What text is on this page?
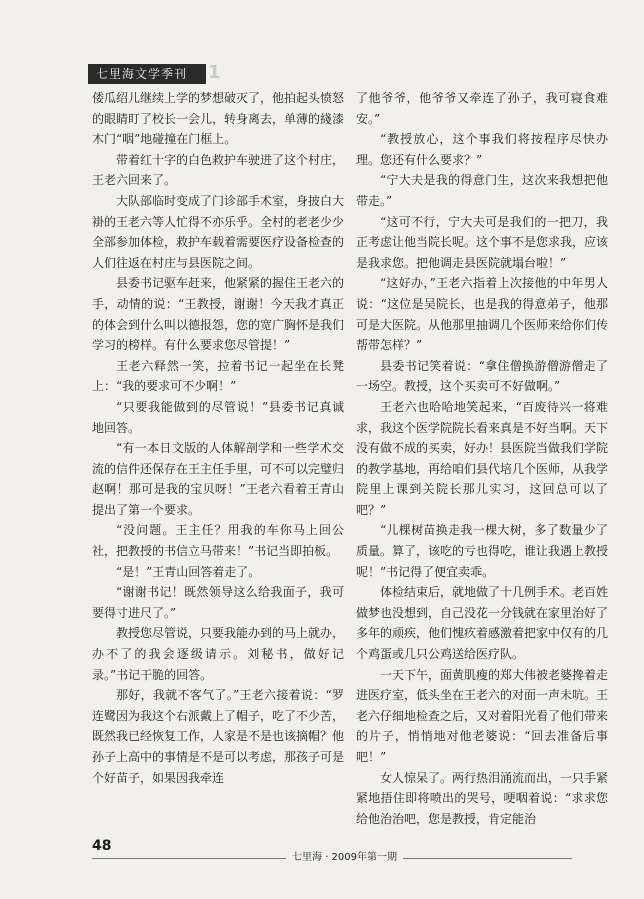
七里海文学季刊	1

倭瓜绍儿继续上学的梦想破灭了，他拍起头愤怒的眼睛盯了校长一会儿，转身离去，单薄的綫漆木门“咽”地碰撞在门框上。

带着红十字的白色救护车驶进了这个村庄，王老六回来了。

大队部临时变成了门诊部手术室，身披白大褂的王老六等人忙得不亦乐乎。全村的老老少少全部参加体检，救护车载着需要医疗设备检查的人们往返在村庄与县医院之间。

县委书记驱车赶来，他紧紧的握住王老六的手，动情的说：“王教授，谢谢！今天我才真正的体会到什么叫以德报怨，您的宽广胸怀是我们学习的榜样。有什么要求您尽管提！”

王老六释然一笑，拉着书记一起坐在长凳上：“我的要求可不少啊！”

“只要我能做到的尽管说！”县委书记真诚地回答。

“有一本日文版的人体解剖学和一些学术交流的信件还保存在王主任手里，可不可以完璧归赵啊！那可是我的宝贝呀！”王老六看着王青山提出了第一个要求。

“没问题。王主任？用我的车你马上回公社，把教授的书信立马带来！”书记当即拍板。

“是！”王青山回答着走了。

“谢谢书记！既然领导这么给我面子，我可要得寸进尺了。”

教授您尽管说，只要我能办到的马上就办，办不了的我会逐级请示。刘秘书，做好记录。”书记干脆的回答。

那好，我就不客气了。”王老六接着说：“罗连鹭因为我这个右派戴上了帽子，吃了不少苦，既然我已经恢复工作，人家是不是也该摘帽？他孙子上高中的事情是不是可以考虑，那孩子可是个好苗子，如果因我牵连

了他爷爷，他爷爷又牵连了孙子，我可寝食难安。”

“教授放心，这个事我们将按程序尽快办理。您还有什么要求？”

“宁大夫是我的得意门生，这次来我想把他带走。”

“这可不行，宁大夫可是我们的一把刀，我正考虑让他当院长呢。这个事不是您求我，应该是我求您。把他调走县医院就塌台啦！”

“这好办，”王老六指着上次接他的中年男人说：“这位是吴院长，也是我的得意弟子，他那可是大医院。从他那里抽调几个医师来给你们传帮带怎样？”

县委书记笑着说：“拿住僧换游僧游僧走了一场空。教授，这个买卖可不好做啊。”

王老六也哈哈地笑起来，“百废待兴一将难求，我这个医学院院长看来真是不好当啊。天下没有做不成的买卖，好办！县医院当做我们学院的教学基地，再给咱们县代培几个医师，从我学院里上课到关院长那儿实习，这回总可以了吧？”

“儿棵树苗换走我一棵大树，多了数量少了质量。算了，该吃的亏也得吃，谁让我遇上教授呢！”书记得了便宜卖乖。

体检结束后，就地做了十几例手术。老百姓做梦也没想到，自己没花一分钱就在家里治好了多年的顽疾，他们愧疚着感激着把家中仅有的几个鸡蛋或几只公鸡送给医疗队。

一天下午，面黄肌瘦的郑大伟被老婆搀着走进医疗室，低头坐在王老六的对面一声未吭。王老六仔细地检查之后，又对着阳光看了他们带来的片子，悄悄地对他老婆说：“回去准备后事吧！”

女人惊呆了。两行热泪涌流而出，一只手紧紧地捂住即将喷出的哭号，哽咽着说：“求求您给他治治吧，您是教授，肯定能治

48
七里海 · 2009年第一期
